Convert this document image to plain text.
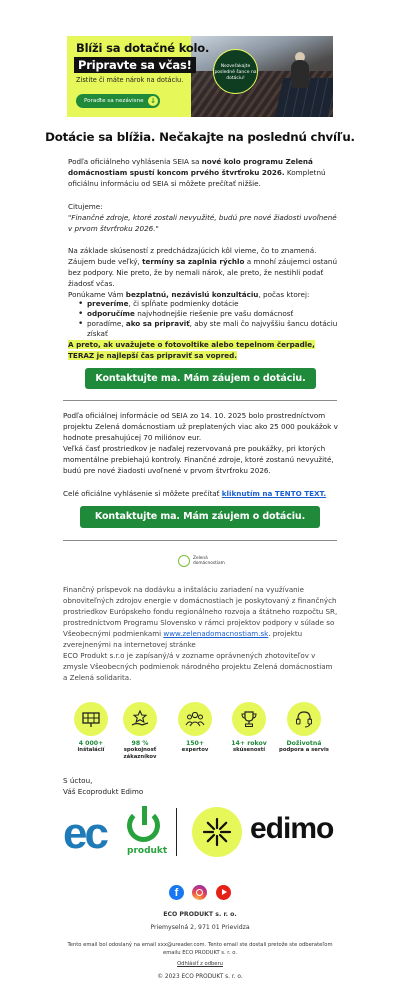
Blíži sa dotačné kolo.
Pripravte sa včas!
Zistite či máte nárok na dotáciu.
Poraďte sa nezávisne ↓
Nezveľakajte posledné šance na dotáciu!
Dotácie sa blížia. Nečakajte na poslednú chvíľu.
Podľa oficiálneho vyhlásenia SEIA sa nové kolo programu Zelená domácnostiam spustí koncom prvého štvrťroku 2026. Kompletnú oficiálnu informáciu od SEIA si môžete prečítať nižšie.
Citujeme:
"Finančné zdroje, ktoré zostali nevyužité, budú pre nové žiadosti uvoľnené v prvom štvrťroku 2026."
Na základe skúseností z predchádzajúcich kôl vieme, čo to znamená. Záujem bude veľký, termíny sa zaplnia rýchlo a mnohí záujemci ostanú bez podpory. Nie preto, že by nemali nárok, ale preto, že nestihli podať žiadosť včas.
Ponúkame Vám bezplatnú, nezávislú konzultáciu, počas ktorej:
• preveríme, či spĺňate podmienky dotácie
• odporučíme najvhodnejšie riešenie pre vašu domácnosť
• poradíme, ako sa pripraviť, aby ste mali čo najvyššiu šancu dotáciu získať
A preto, ak uvažujete o fotovoltike alebo tepelnom čerpadle, TERAZ je najlepší čas pripraviť sa vopred.
Kontaktujte ma. Mám záujem o dotáciu.
Podľa oficiálnej informácie od SEIA zo 14. 10. 2025 bolo prostredníctvom projektu Zelená domácnostiam už preplatených viac ako 25 000 poukážok v hodnote presahujúcej 70 miliónov eur.
Veľká časť prostriedkov je naďalej rezervovaná pre poukážky, pri ktorých momentálne prebiehajú kontroly. Finančné zdroje, ktoré zostanú nevyužité, budú pre nové žiadosti uvoľnené v prvom štvrťroku 2026.
Celé oficiálne vyhlásenie si môžete prečítať kliknutím na TENTO TEXT.
Kontaktujte ma. Mám záujem o dotáciu.
Zelená
domácnostiam
Finančný príspevok na dodávku a inštaláciu zariadení na využívanie obnoviteľných zdrojov energie v domácnostiach je poskytovaný z finančných prostriedkov Európskeho fondu regionálneho rozvoja a štátneho rozpočtu SR, prostredníctvom Programu Slovensko v rámci projektov podpory v súlade so Všeobecnými podmienkami www.zelenadomacnostiam.sk. projektu zverejnenými na internetovej stránke
ECO Produkt s.r.o je zapísaný/á v zozname oprávnených zhotoviteľov v zmysle Všeobecných podmienok národného projektu Zelená domácnostiam a Zelená solidarita.
4 000+
inštalácií
98 %
spokojnosť zákazníkov
150+
expertov
14+ rokov
skúseností
Doživotná
podpora a servis
S úctou,
Váš Ecoprodukt Edimo
ec produkt
edimo
f
ECO PRODUKT s. r. o.
Priemyselná 2, 971 01 Prievidza
Tento email bol odoslaný na email xxx@ureader.com. Tento email ste dostali pretože ste odberateľom emailu ECO PRODUKT s. r. o.
Odhlásiť z odberu
© 2023 ECO PRODUKT s. r. o.
